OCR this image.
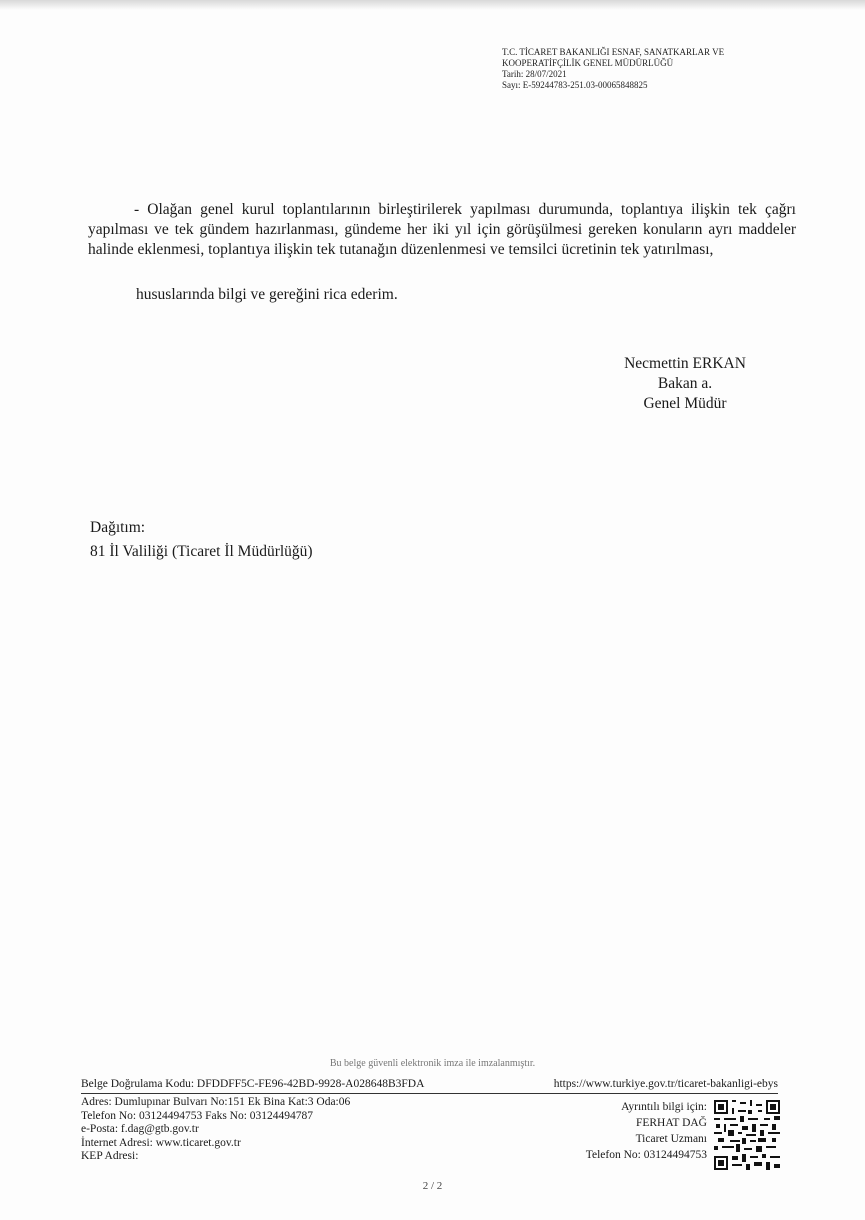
T.C. TİCARET BAKANLIĞI ESNAF, SANATKARLAR VE
KOOPERATİFÇİLİK GENEL MÜDÜRLÜĞÜ
Tarih: 28/07/2021
Sayı: E-59244783-251.03-00065848825

- Olağan genel kurul toplantılarının birleştirilerek yapılması durumunda, toplantıya ilişkin tek çağrı yapılması ve tek gündem hazırlanması, gündeme her iki yıl için görüşülmesi gereken konuların ayrı maddeler halinde eklenmesi, toplantıya ilişkin tek tutanağın düzenlenmesi ve temsilci ücretinin tek yatırılması,

hususlarında bilgi ve gereğini rica ederim.
Necmettin ERKAN
Bakan a.
Genel Müdür
Dağıtım:
81 İl Valiliği (Ticaret İl Müdürlüğü)
Bu belge güvenli elektronik imza ile imzalanmıştır.
Belge Doğrulama Kodu: DFDDFF5C-FE96-42BD-9928-A028648B3FDA	https://www.turkiye.gov.tr/ticaret-bakanligi-ebys
Adres: Dumlupınar Bulvarı No:151 Ek Bina Kat:3 Oda:06
Telefon No: 03124494753 Faks No: 03124494787
e-Posta: f.dag@gtb.gov.tr
İnternet Adresi: www.ticaret.gov.tr
KEP Adresi:
Ayrıntılı bilgi için:
FERHAT DAĞ
Ticaret Uzmanı
Telefon No: 03124494753
2 / 2
